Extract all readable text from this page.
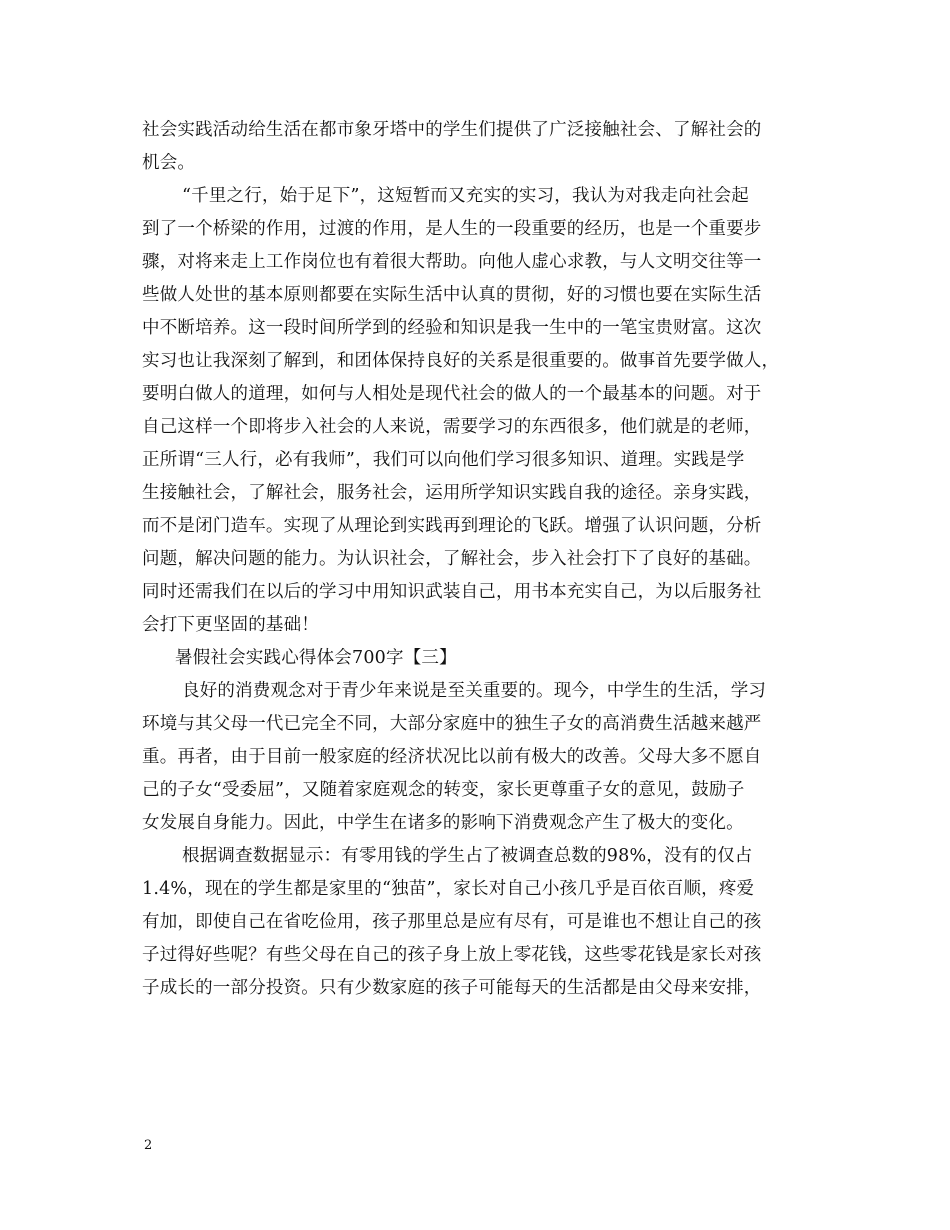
社会实践活动给生活在都市象牙塔中的学生们提供了广泛接触社会、了解社会的
机会。
“千里之行，始于足下”，这短暂而又充实的实习，我认为对我走向社会起
到了一个桥梁的作用，过渡的作用，是人生的一段重要的经历，也是一个重要步
骤，对将来走上工作岗位也有着很大帮助。向他人虚心求教，与人文明交往等一
些做人处世的基本原则都要在实际生活中认真的贯彻，好的习惯也要在实际生活
中不断培养。这一段时间所学到的经验和知识是我一生中的一笔宝贵财富。这次
实习也让我深刻了解到，和团体保持良好的关系是很重要的。做事首先要学做人，
要明白做人的道理，如何与人相处是现代社会的做人的一个最基本的问题。对于
自己这样一个即将步入社会的人来说，需要学习的东西很多，他们就是的老师，
正所谓“三人行，必有我师”，我们可以向他们学习很多知识、道理。实践是学
生接触社会，了解社会，服务社会，运用所学知识实践自我的途径。亲身实践，
而不是闭门造车。实现了从理论到实践再到理论的飞跃。增强了认识问题，分析
问题，解决问题的能力。为认识社会，了解社会，步入社会打下了良好的基础。
同时还需我们在以后的学习中用知识武装自己，用书本充实自己，为以后服务社
会打下更坚固的基础！
暑假社会实践心得体会700字【三】
良好的消费观念对于青少年来说是至关重要的。现今，中学生的生活，学习
环境与其父母一代已完全不同，大部分家庭中的独生子女的高消费生活越来越严
重。再者，由于目前一般家庭的经济状况比以前有极大的改善。父母大多不愿自
己的子女“受委屈”，又随着家庭观念的转变，家长更尊重子女的意见，鼓励子
女发展自身能力。因此，中学生在诸多的影响下消费观念产生了极大的变化。
根据调查数据显示：有零用钱的学生占了被调查总数的98%，没有的仅占
1.4%，现在的学生都是家里的“独苗”，家长对自己小孩几乎是百依百顺，疼爱
有加，即使自己在省吃俭用，孩子那里总是应有尽有，可是谁也不想让自己的孩
子过得好些呢？有些父母在自己的孩子身上放上零花钱，这些零花钱是家长对孩
子成长的一部分投资。只有少数家庭的孩子可能每天的生活都是由父母来安排，
2
